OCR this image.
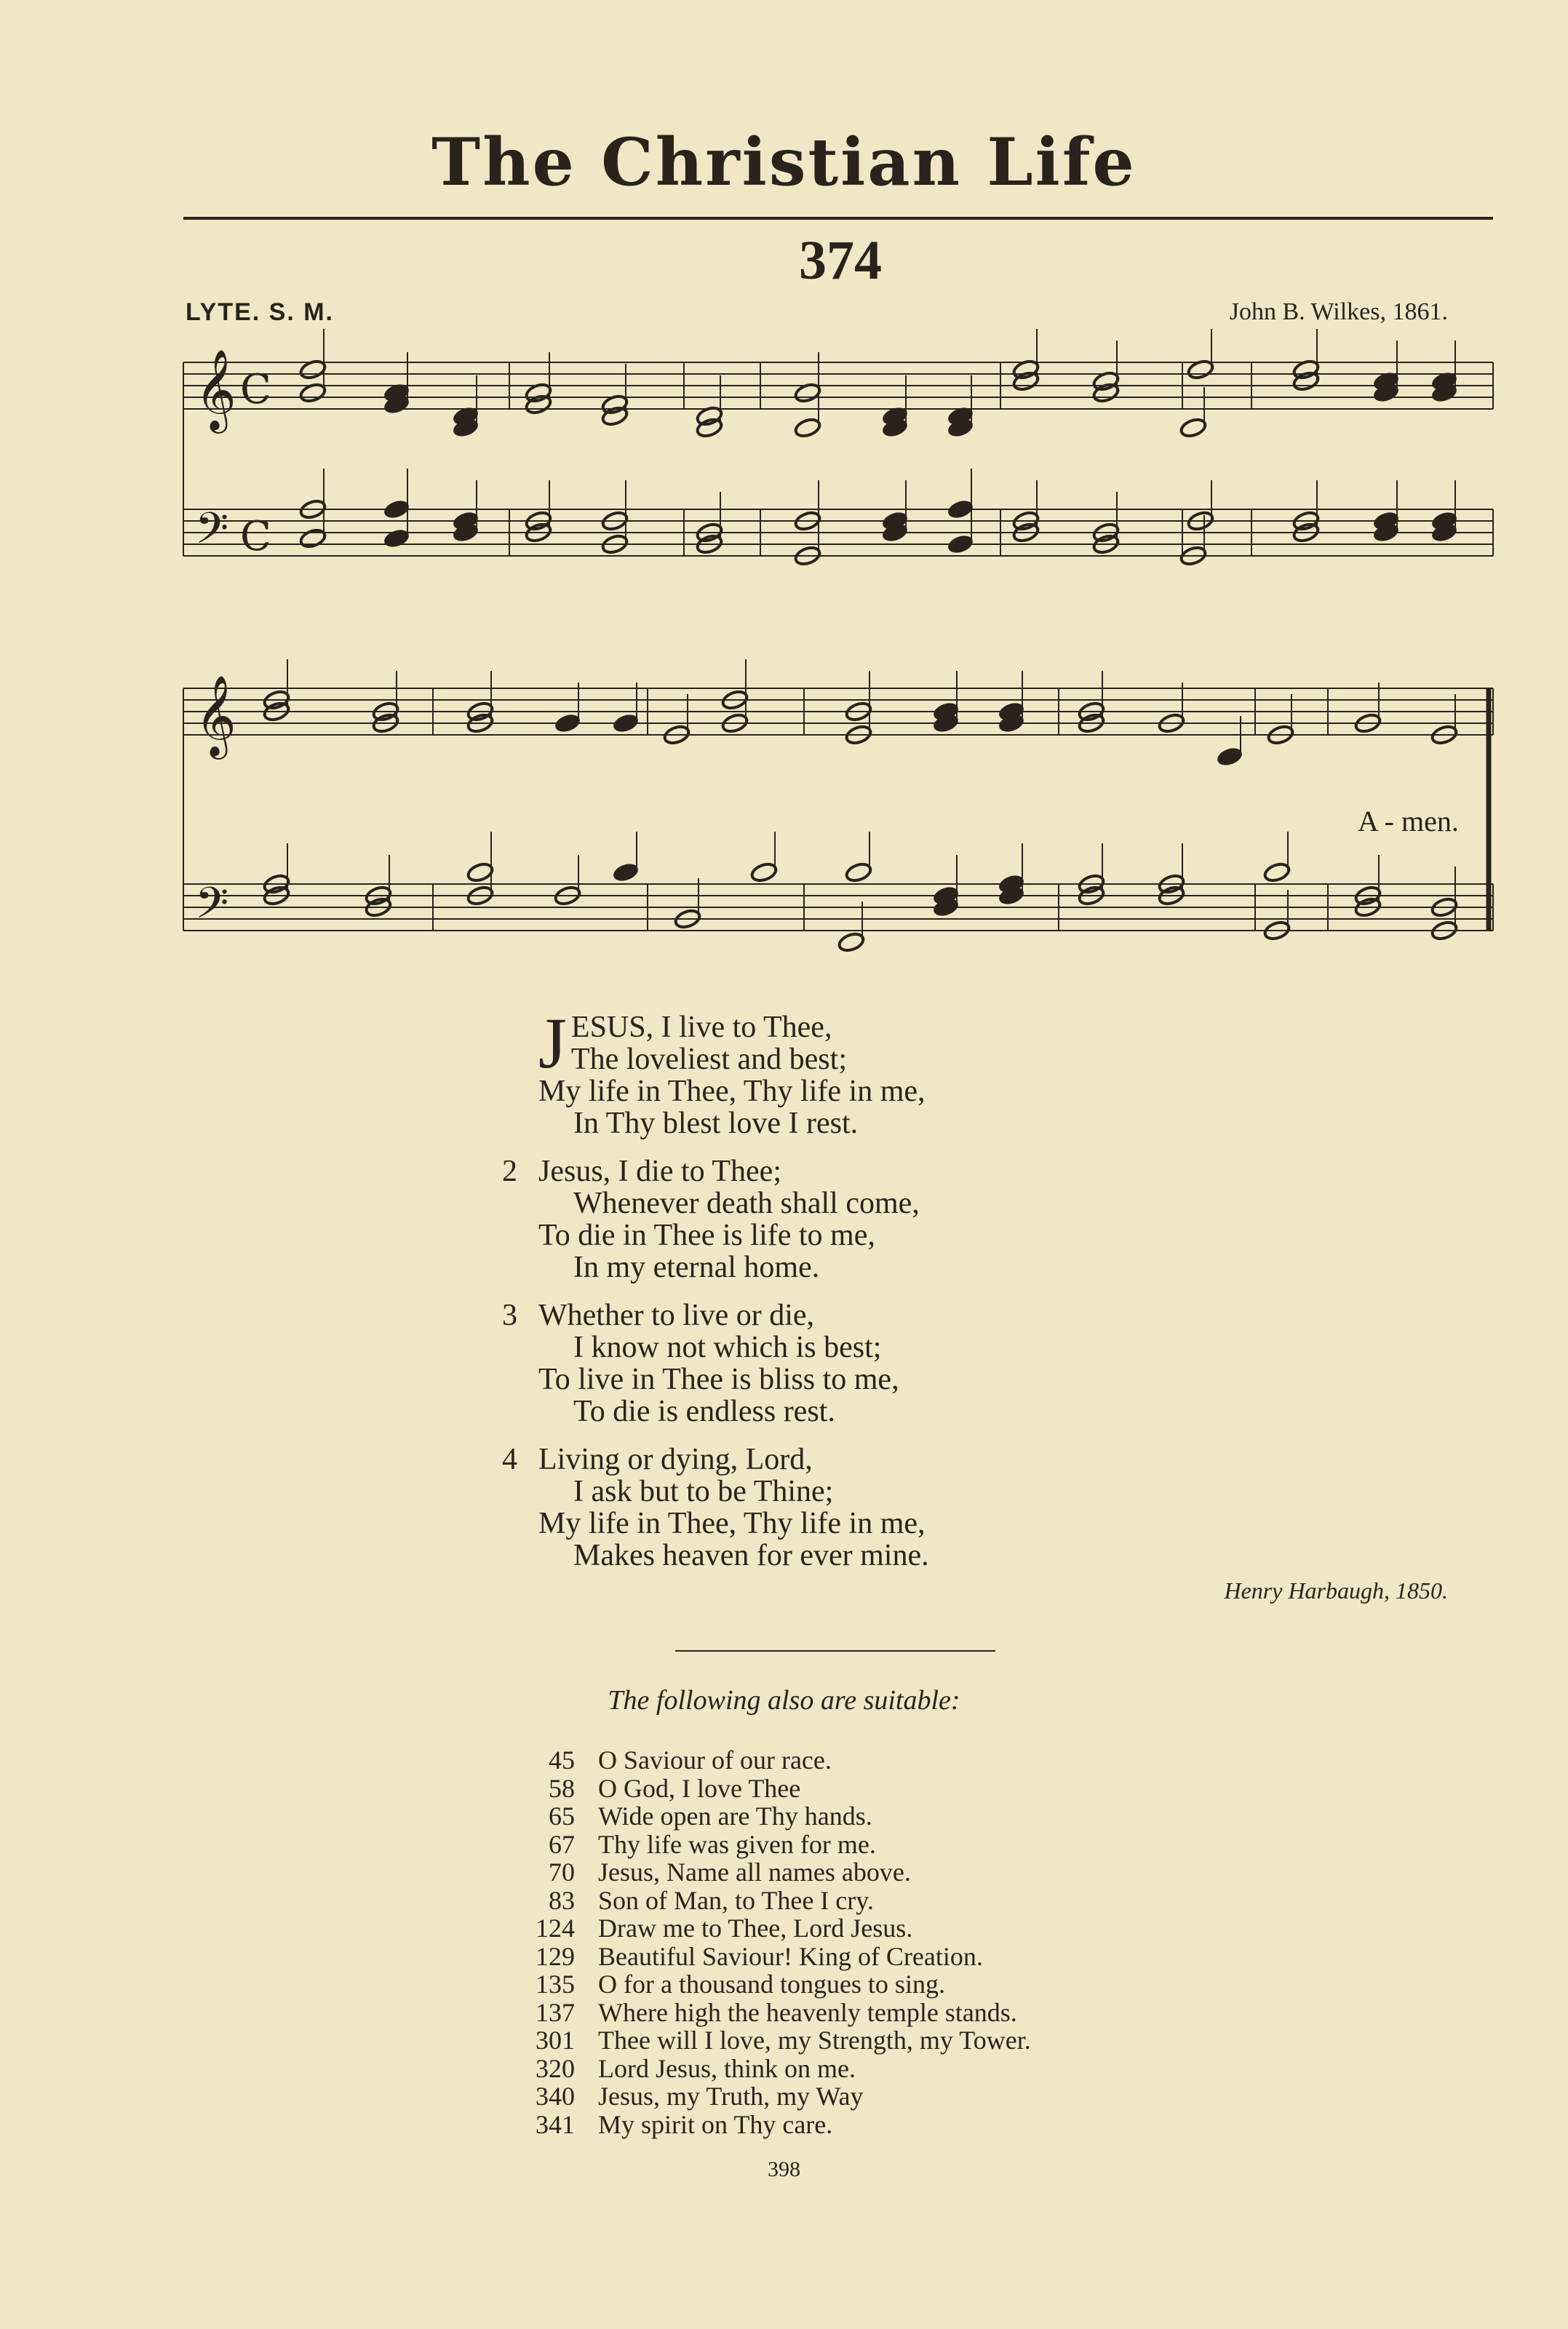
The Christian Life
374
LYTE. S. M.	John B. Wilkes, 1861.
𝄞
𝄞
𝄢
𝄢
C
C
A - men.
JESUS, I live to Thee,
The loveliest and best;
My life in Thee, Thy life in me,
In Thy blest love I rest.
2 Jesus, I die to Thee;
Whenever death shall come,
To die in Thee is life to me,
In my eternal home.
3 Whether to live or die,
I know not which is best;
To live in Thee is bliss to me,
To die is endless rest.
4 Living or dying, Lord,
I ask but to be Thine;
My life in Thee, Thy life in me,
Makes heaven for ever mine.
Henry Harbaugh, 1850.
The following also are suitable:
45 O Saviour of our race.
58 O God, I love Thee
65 Wide open are Thy hands.
67 Thy life was given for me.
70 Jesus, Name all names above.
83 Son of Man, to Thee I cry.
124 Draw me to Thee, Lord Jesus.
129 Beautiful Saviour! King of Creation.
135 O for a thousand tongues to sing.
137 Where high the heavenly temple stands.
301 Thee will I love, my Strength, my Tower.
320 Lord Jesus, think on me.
340 Jesus, my Truth, my Way
341 My spirit on Thy care.
398
